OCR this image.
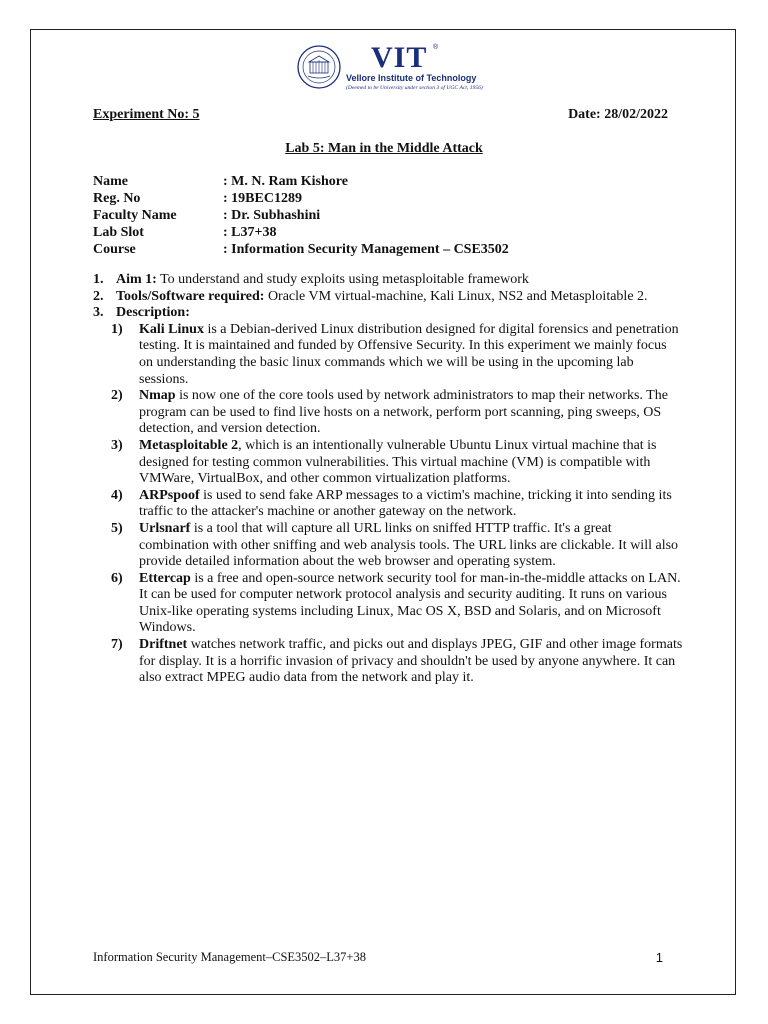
VIT ®
Vellore Institute of Technology
(Deemed to be University under section 3 of UGC Act, 1956)
Experiment No: 5	Date: 28/02/2022
Lab 5: Man in the Middle Attack
Name	: M. N. Ram Kishore
Reg. No	: 19BEC1289
Faculty Name	: Dr. Subhashini
Lab Slot	: L37+38
Course	: Information Security Management – CSE3502
1. Aim 1: To understand and study exploits using metasploitable framework
2. Tools/Software required: Oracle VM virtual-machine, Kali Linux, NS2 and Metasploitable 2.
3. Description:
1) Kali Linux is a Debian-derived Linux distribution designed for digital forensics and penetration testing. It is maintained and funded by Offensive Security. In this experiment we mainly focus on understanding the basic linux commands which we will be using in the upcoming lab sessions.
2) Nmap is now one of the core tools used by network administrators to map their networks. The program can be used to find live hosts on a network, perform port scanning, ping sweeps, OS detection, and version detection.
3) Metasploitable 2, which is an intentionally vulnerable Ubuntu Linux virtual machine that is designed for testing common vulnerabilities. This virtual machine (VM) is compatible with VMWare, VirtualBox, and other common virtualization platforms.
4) ARPspoof is used to send fake ARP messages to a victim's machine, tricking it into sending its traffic to the attacker's machine or another gateway on the network.
5) Urlsnarf is a tool that will capture all URL links on sniffed HTTP traffic. It's a great combination with other sniffing and web analysis tools. The URL links are clickable. It will also provide detailed information about the web browser and operating system.
6) Ettercap is a free and open-source network security tool for man-in-the-middle attacks on LAN. It can be used for computer network protocol analysis and security auditing. It runs on various Unix-like operating systems including Linux, Mac OS X, BSD and Solaris, and on Microsoft Windows.
7) Driftnet watches network traffic, and picks out and displays JPEG, GIF and other image formats for display. It is a horrific invasion of privacy and shouldn't be used by anyone anywhere. It can also extract MPEG audio data from the network and play it.
Information Security Management–CSE3502–L37+38	1
